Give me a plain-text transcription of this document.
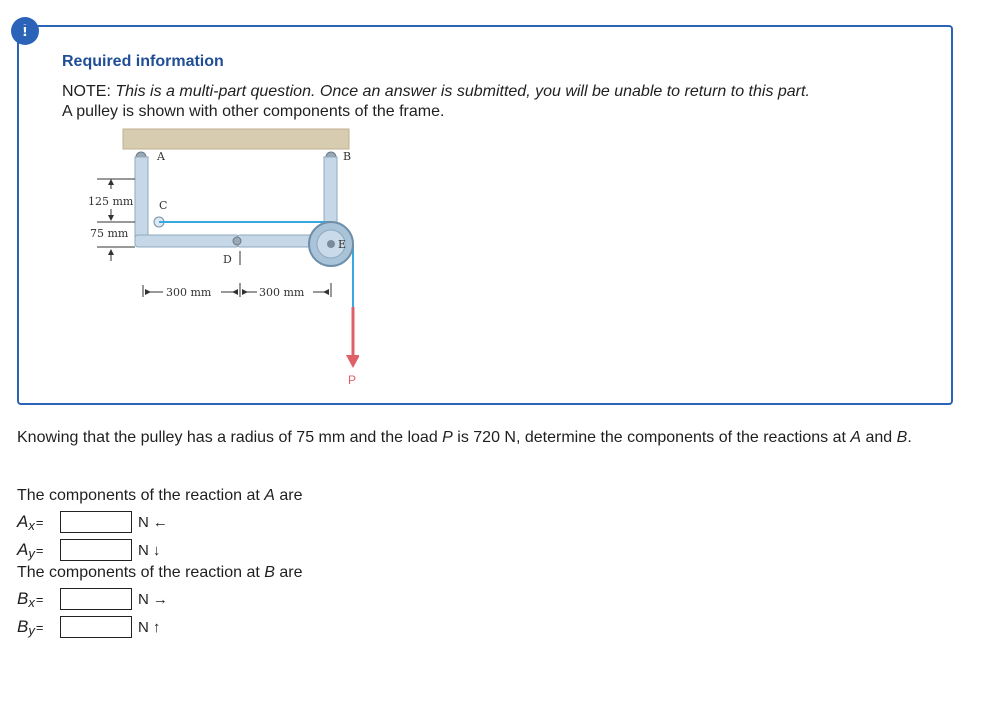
!
Required information
NOTE: This is a multi-part question. Once an answer is submitted, you will be unable to return to this part.
A pulley is shown with other components of the frame.
A	B
C
D
E
P
125 mm
75 mm
300 mm	300 mm
Knowing that the pulley has a radius of 75 mm and the load P is 720 N, determine the components of the reactions at A and B.
The components of the reaction at A are
$A_x=$	N ←
$A_y=$	N ↓
The components of the reaction at B are
$B_x=$	N →
$B_y=$	N ↑
